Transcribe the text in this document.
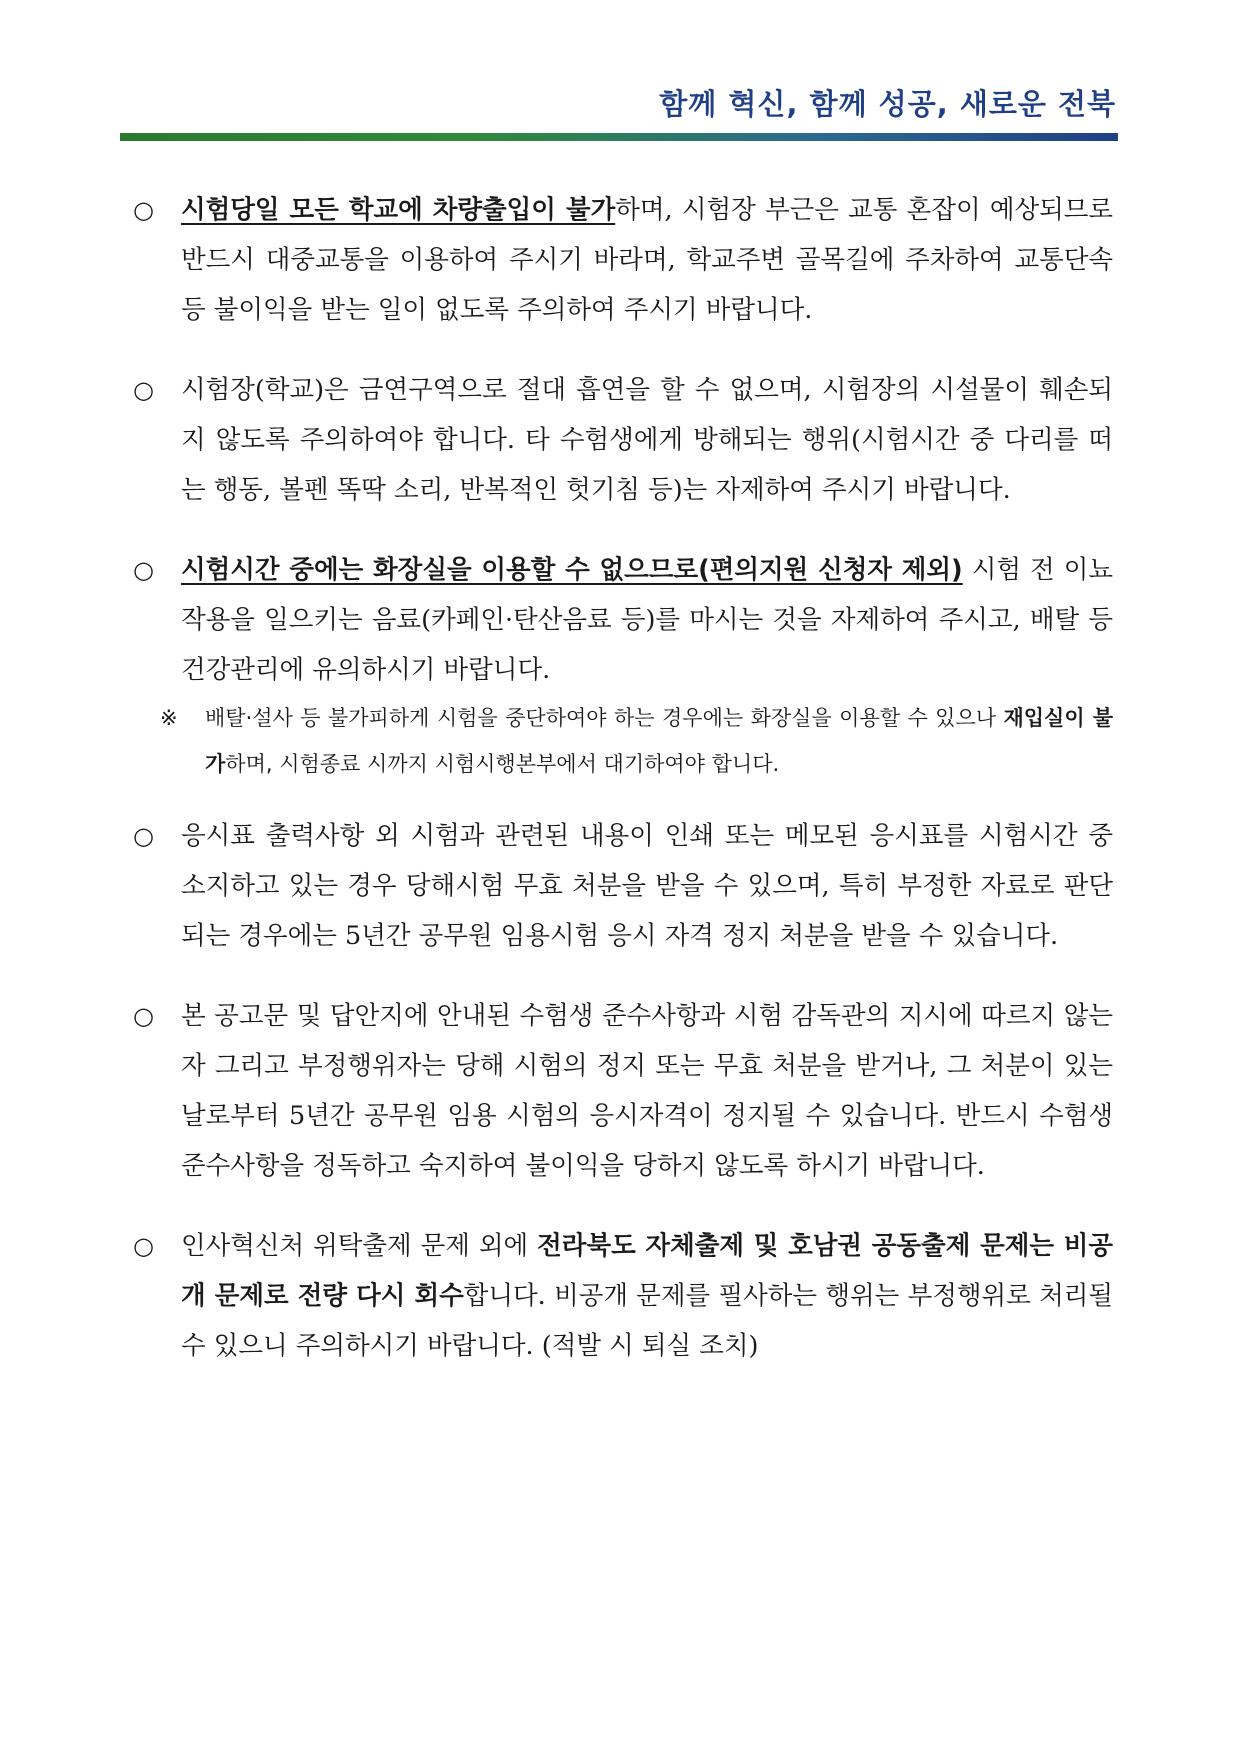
함께 혁신, 함께 성공, 새로운 전북
○ 시험당일 모든 학교에 차량출입이 불가하며, 시험장 부근은 교통 혼잡이 예상되므로 반드시 대중교통을 이용하여 주시기 바라며, 학교주변 골목길에 주차하여 교통단속 등 불이익을 받는 일이 없도록 주의하여 주시기 바랍니다.
○ 시험장(학교)은 금연구역으로 절대 흡연을 할 수 없으며, 시험장의 시설물이 훼손되지 않도록 주의하여야 합니다. 타 수험생에게 방해되는 행위(시험시간 중 다리를 떠는 행동, 볼펜 똑딱 소리, 반복적인 헛기침 등)는 자제하여 주시기 바랍니다.
○ 시험시간 중에는 화장실을 이용할 수 없으므로(편의지원 신청자 제외) 시험 전 이뇨작용을 일으키는 음료(카페인·탄산음료 등)를 마시는 것을 자제하여 주시고, 배탈 등 건강관리에 유의하시기 바랍니다.
※ 배탈·설사 등 불가피하게 시험을 중단하여야 하는 경우에는 화장실을 이용할 수 있으나 재입실이 불가하며, 시험종료 시까지 시험시행본부에서 대기하여야 합니다.
○ 응시표 출력사항 외 시험과 관련된 내용이 인쇄 또는 메모된 응시표를 시험시간 중 소지하고 있는 경우 당해시험 무효 처분을 받을 수 있으며, 특히 부정한 자료로 판단되는 경우에는 5년간 공무원 임용시험 응시 자격 정지 처분을 받을 수 있습니다.
○ 본 공고문 및 답안지에 안내된 수험생 준수사항과 시험 감독관의 지시에 따르지 않는 자 그리고 부정행위자는 당해 시험의 정지 또는 무효 처분을 받거나, 그 처분이 있는 날로부터 5년간 공무원 임용 시험의 응시자격이 정지될 수 있습니다. 반드시 수험생 준수사항을 정독하고 숙지하여 불이익을 당하지 않도록 하시기 바랍니다.
○ 인사혁신처 위탁출제 문제 외에 전라북도 자체출제 및 호남권 공동출제 문제는 비공개 문제로 전량 다시 회수합니다. 비공개 문제를 필사하는 행위는 부정행위로 처리될 수 있으니 주의하시기 바랍니다. (적발 시 퇴실 조치)
